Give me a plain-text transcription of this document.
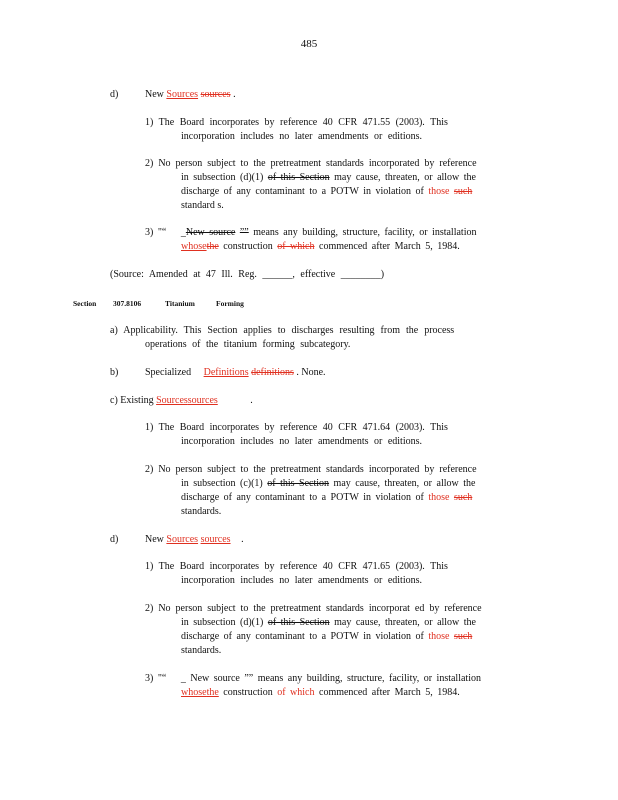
485
d)	New Sources sources .
1) The Board incorporates by reference 40 CFR 471.55 (2003). This
incorporation includes no later amendments or editions.
2) No person subject to the pretreatment standards incorporated by reference
in subsection (d)(1) of this Section may cause, threaten, or allow the
discharge of any contaminant to a POTW in violation of those such
standard s.
3) "“ _New source ”” means any building, structure, facility, or installation
whosethe construction of which commenced after March 5, 1984.
(Source: Amended at 47 Ill. Reg. ______, effective ________)
Section 307.8106	Titanium	Forming
a) Applicability. This Section applies to discharges resulting from the process
operations of the titanium forming subcategory.
b)	Specialized Definitions definitions . None.
c) Existing Sourcessources	.
1) The Board incorporates by reference 40 CFR 471.64 (2003). This
incorporation includes no later amendments or editions.
2) No person subject to the pretreatment standards incorporated by reference
in subsection (c)(1) of this Section may cause, threaten, or allow the
discharge of any contaminant to a POTW in violation of those such
standards.
d)	New Sources sources .
1) The Board incorporates by reference 40 CFR 471.65 (2003). This
incorporation includes no later amendments or editions.
2) No person subject to the pretreatment standards incorporat ed by reference
in subsection (d)(1) of this Section may cause, threaten, or allow the
discharge of any contaminant to a POTW in violation of those such
standards.
3) "“ _ New source ”” means any building, structure, facility, or installation
whosethe construction of which commenced after March 5, 1984.
